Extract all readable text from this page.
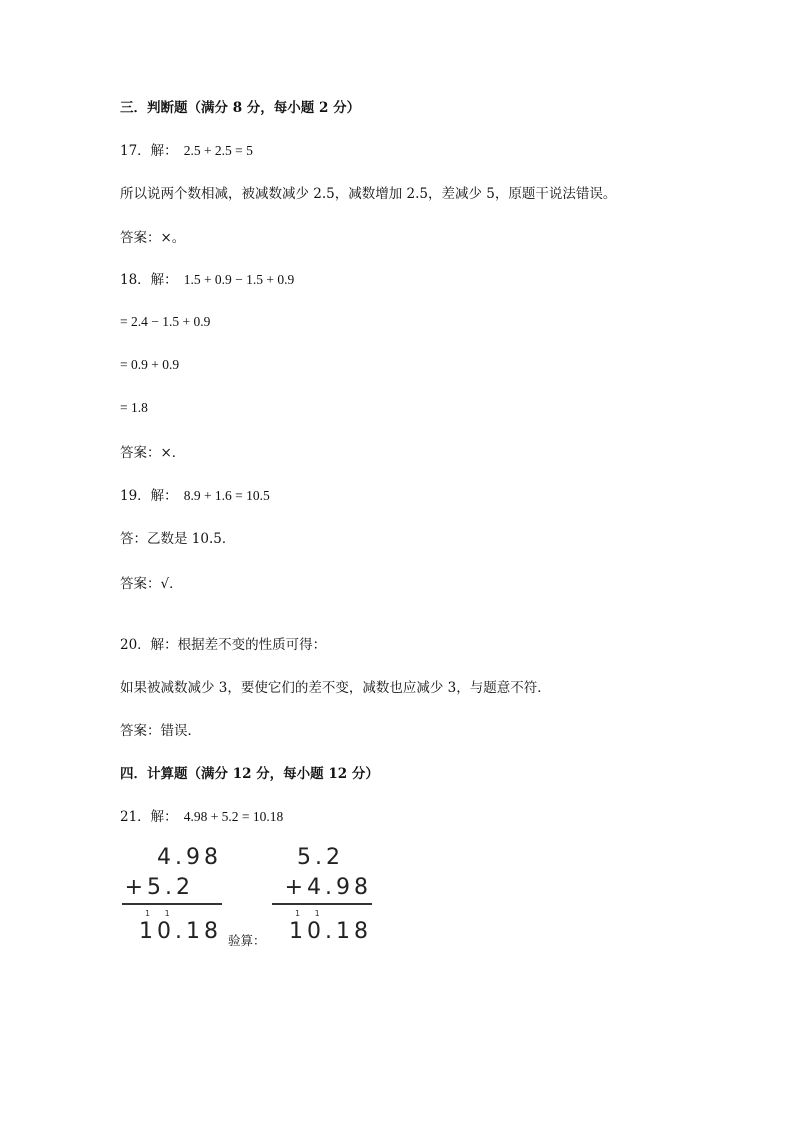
三．判断题（满分 8 分，每小题 2 分）
17．解： 2.5 + 2.5 = 5
所以说两个数相减，被减数减少 2.5，减数增加 2.5，差减少 5，原题干说法错误。
答案：×。
18．解： 1.5 + 0.9 − 1.5 + 0.9
= 2.4 − 1.5 + 0.9
= 0.9 + 0.9
= 1.8
答案：×．
19．解： 8.9 + 1.6 = 10.5
答：乙数是 10.5．
答案：√．
20．解：根据差不变的性质可得：
如果被减数减少 3，要使它们的差不变，减数也应减少 3，与题意不符．
答案：错误．
四．计算题（满分 12 分，每小题 12 分）
21．解： 4.98 + 5.2 = 10.18
4.98
+5.2
1 1
10.18 验算：
5.2
+4.98
1 1
10.18
